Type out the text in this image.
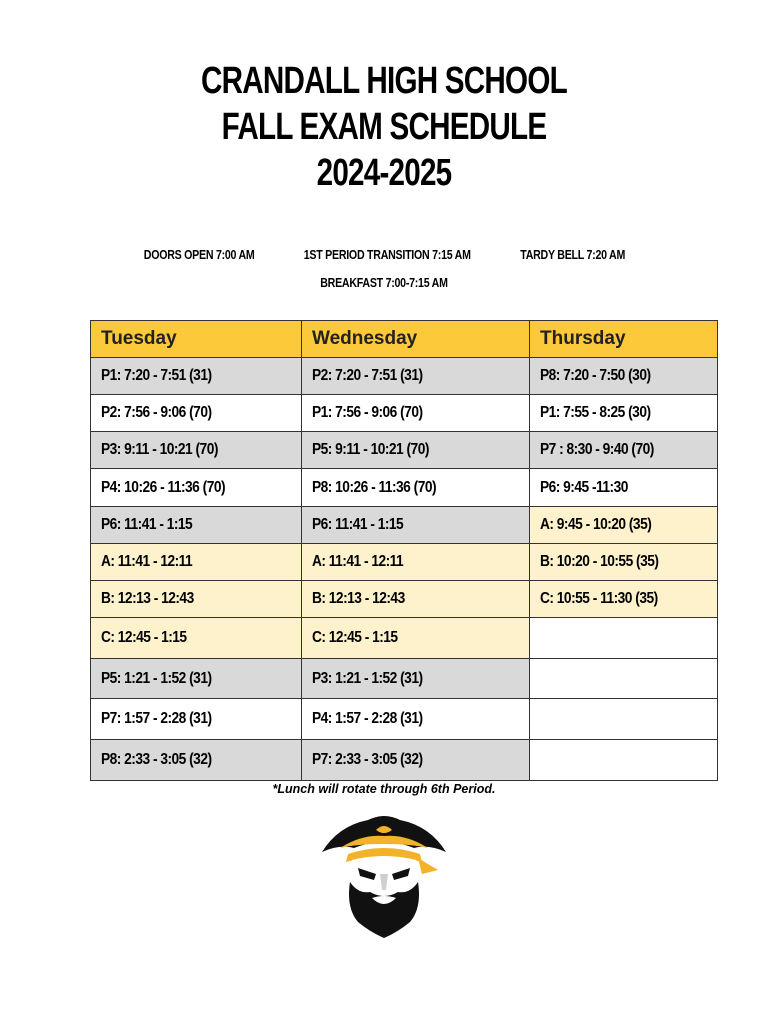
CRANDALL HIGH SCHOOL
FALL EXAM SCHEDULE
2024-2025
DOORS OPEN 7:00 AM	1ST PERIOD TRANSITION 7:15 AM	TARDY BELL 7:20 AM
BREAKFAST 7:00-7:15 AM
Tuesday	Wednesday	Thursday
P1: 7:20 - 7:51 (31)	P2: 7:20 - 7:51 (31)	P8: 7:20 - 7:50 (30)
P2: 7:56 - 9:06 (70)	P1: 7:56 - 9:06 (70)	P1: 7:55 - 8:25 (30)
P3: 9:11 - 10:21 (70)	P5: 9:11 - 10:21 (70)	P7 : 8:30 - 9:40 (70)
P4: 10:26 - 11:36 (70)	P8: 10:26 - 11:36 (70)	P6: 9:45 -11:30
P6: 11:41 - 1:15	P6: 11:41 - 1:15	A: 9:45 - 10:20 (35)
A: 11:41 - 12:11	A: 11:41 - 12:11	B: 10:20 - 10:55 (35)
B: 12:13 - 12:43	B: 12:13 - 12:43	C: 10:55 - 11:30 (35)
C: 12:45 - 1:15	C: 12:45 - 1:15	
P5: 1:21 - 1:52 (31)	P3: 1:21 - 1:52 (31)	
P7: 1:57 - 2:28 (31)	P4: 1:57 - 2:28 (31)	
P8: 2:33 - 3:05 (32)	P7: 2:33 - 3:05 (32)	
*Lunch will rotate through 6th Period.
